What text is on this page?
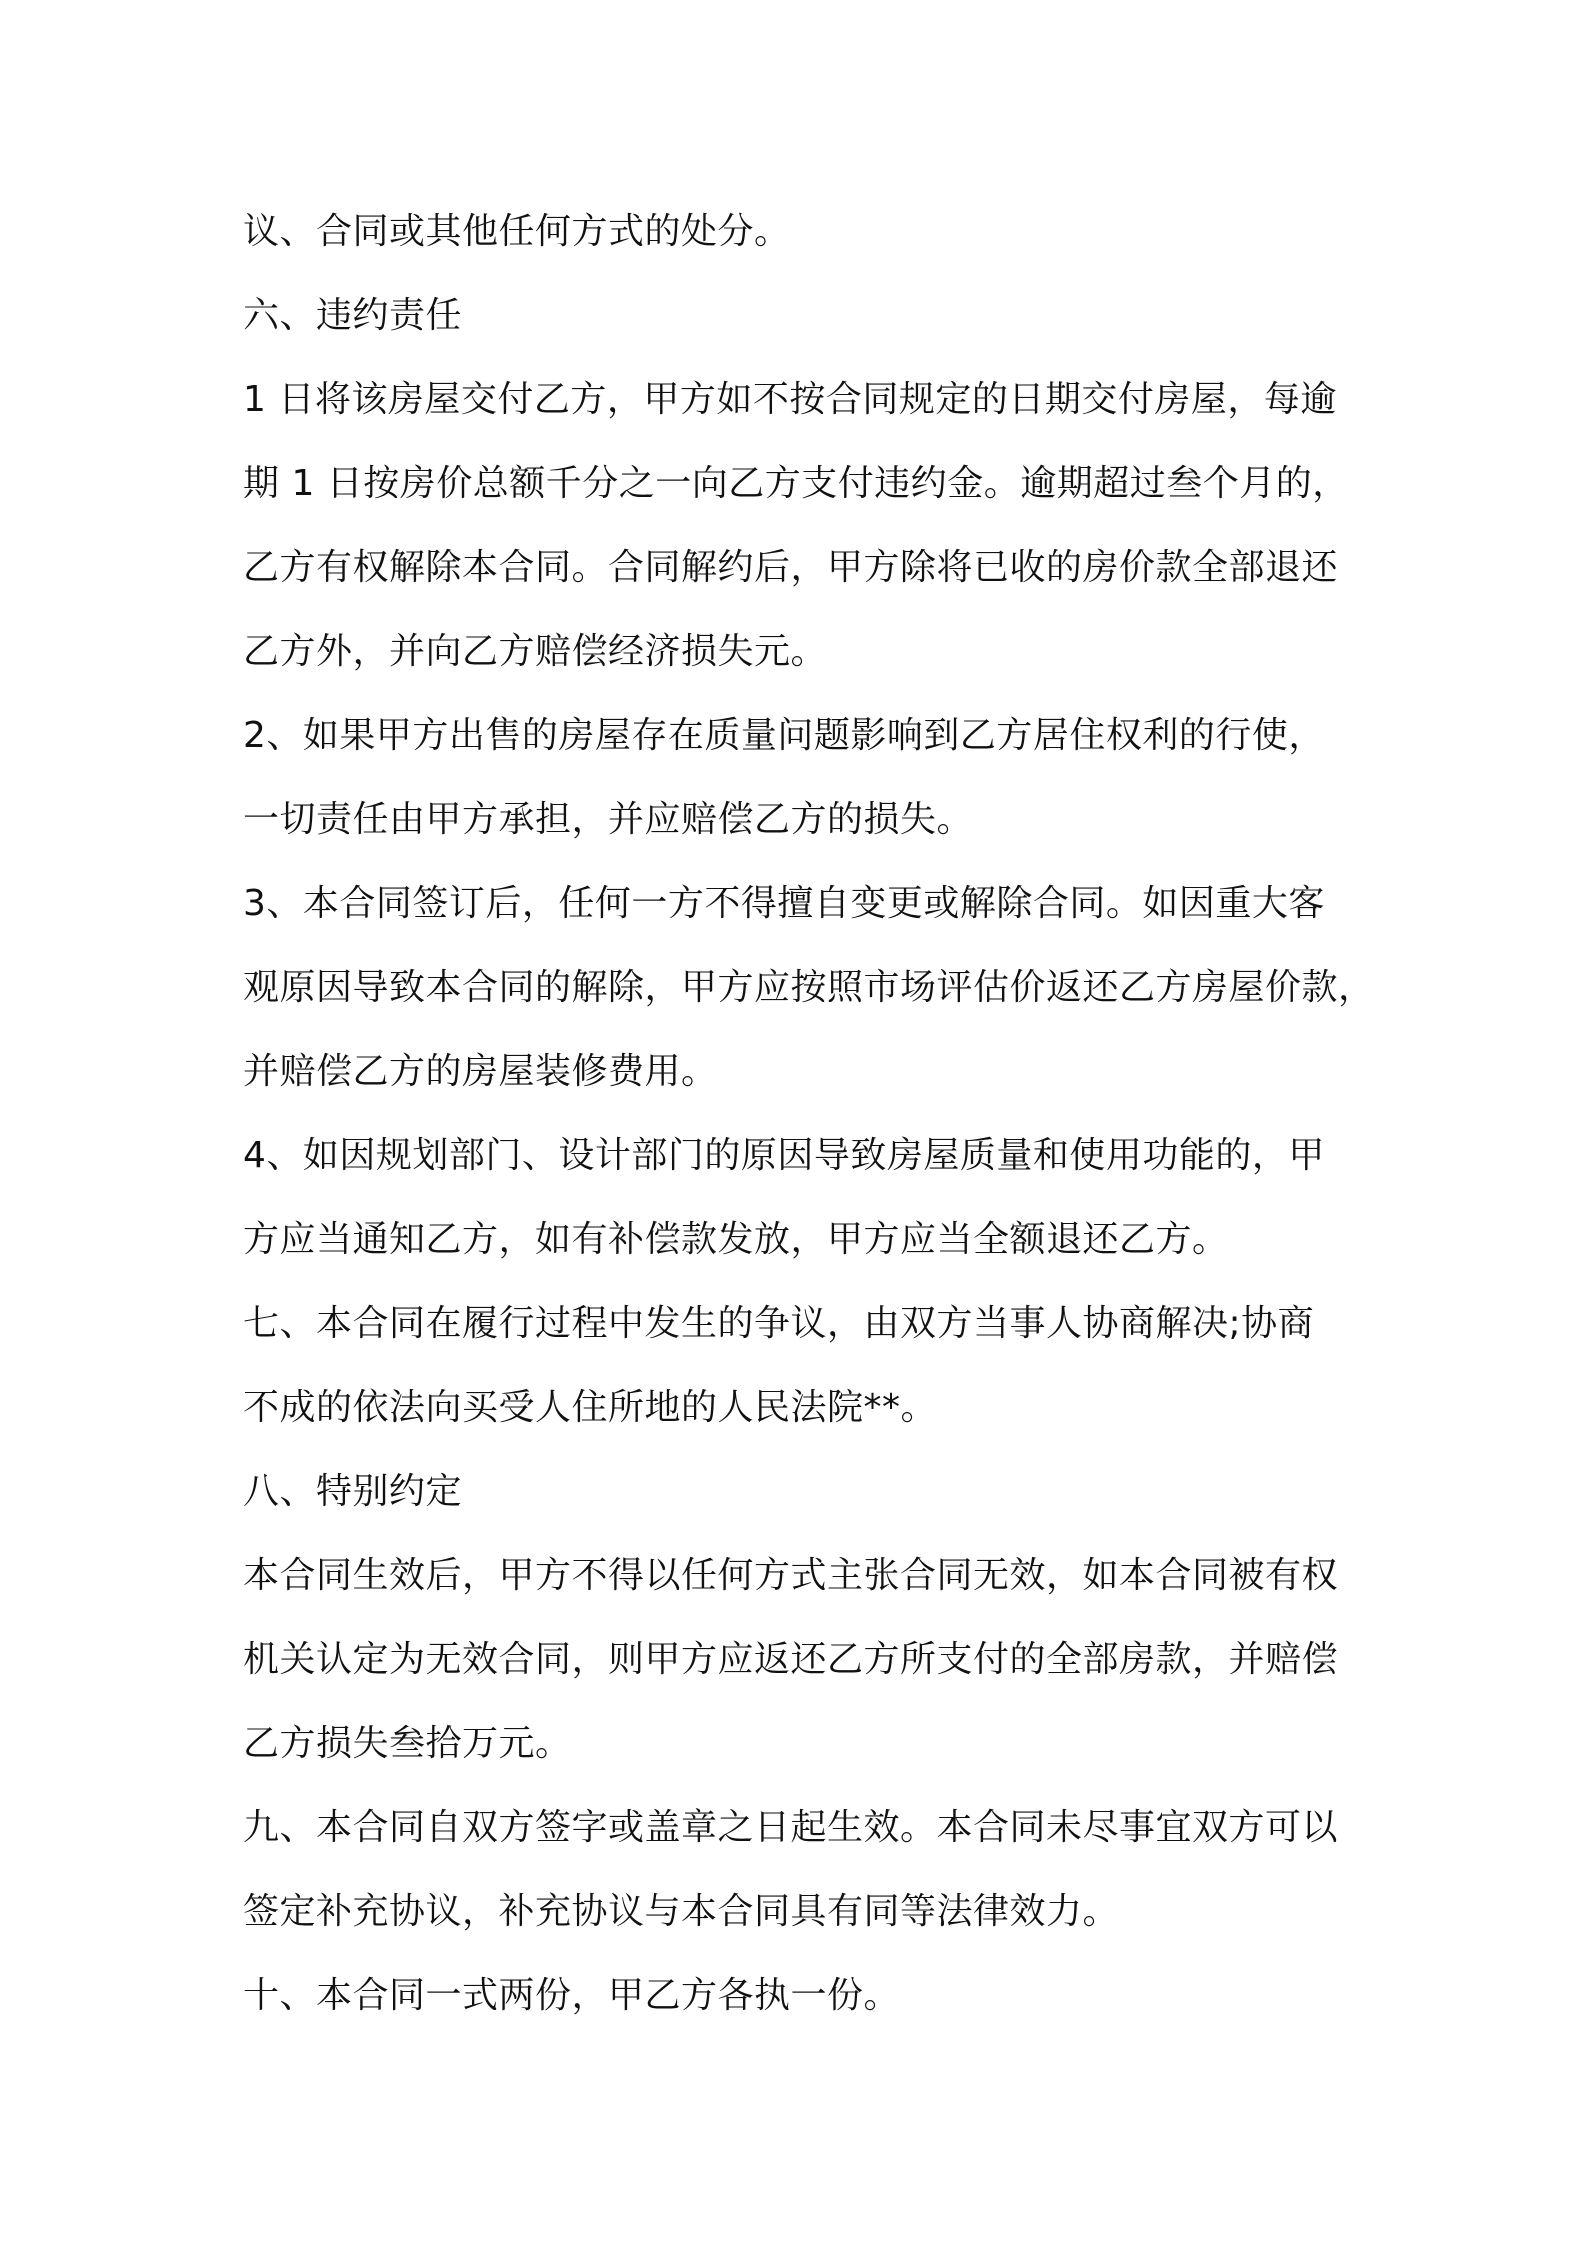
议、合同或其他任何方式的处分。
六、违约责任
1 日将该房屋交付乙方，甲方如不按合同规定的日期交付房屋，每逾
期 1 日按房价总额千分之一向乙方支付违约金。逾期超过叁个月的，
乙方有权解除本合同。合同解约后，甲方除将已收的房价款全部退还
乙方外，并向乙方赔偿经济损失元。
2、如果甲方出售的房屋存在质量问题影响到乙方居住权利的行使，
一切责任由甲方承担，并应赔偿乙方的损失。
3、本合同签订后，任何一方不得擅自变更或解除合同。如因重大客
观原因导致本合同的解除，甲方应按照市场评估价返还乙方房屋价款，
并赔偿乙方的房屋装修费用。
4、如因规划部门、设计部门的原因导致房屋质量和使用功能的，甲
方应当通知乙方，如有补偿款发放，甲方应当全额退还乙方。
七、本合同在履行过程中发生的争议，由双方当事人协商解决;协商
不成的依法向买受人住所地的人民法院**。
八、特别约定
本合同生效后，甲方不得以任何方式主张合同无效，如本合同被有权
机关认定为无效合同，则甲方应返还乙方所支付的全部房款，并赔偿
乙方损失叁拾万元。
九、本合同自双方签字或盖章之日起生效。本合同未尽事宜双方可以
签定补充协议，补充协议与本合同具有同等法律效力。
十、本合同一式两份，甲乙方各执一份。
